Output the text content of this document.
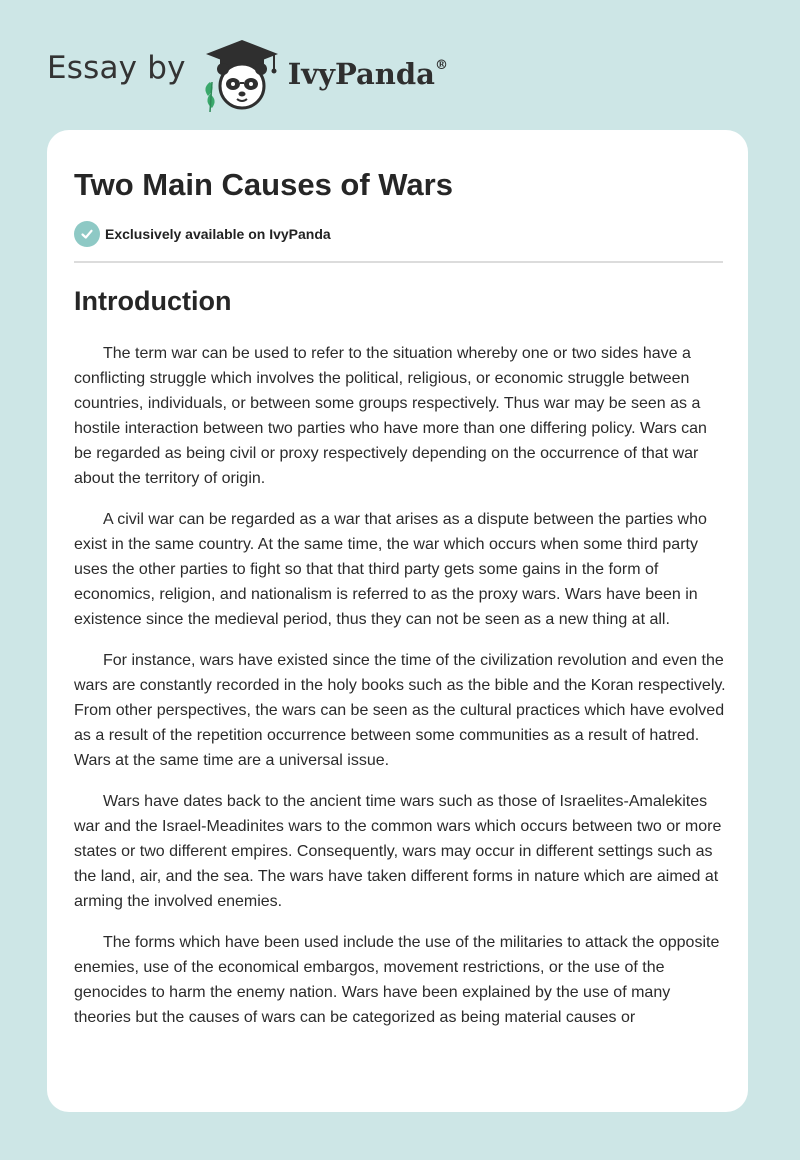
Essay by	IvyPanda®
Two Main Causes of Wars
Exclusively available on IvyPanda
Introduction

The term war can be used to refer to the situation whereby one or two sides have a conflicting struggle which involves the political, religious, or economic struggle between countries, individuals, or between some groups respectively. Thus war may be seen as a hostile interaction between two parties who have more than one differing policy. Wars can be regarded as being civil or proxy respectively depending on the occurrence of that war about the territory of origin.

A civil war can be regarded as a war that arises as a dispute between the parties who exist in the same country. At the same time, the war which occurs when some third party uses the other parties to fight so that that third party gets some gains in the form of economics, religion, and nationalism is referred to as the proxy wars. Wars have been in existence since the medieval period, thus they can not be seen as a new thing at all.

For instance, wars have existed since the time of the civilization revolution and even the wars are constantly recorded in the holy books such as the bible and the Koran respectively. From other perspectives, the wars can be seen as the cultural practices which have evolved as a result of the repetition occurrence between some communities as a result of hatred. Wars at the same time are a universal issue.

Wars have dates back to the ancient time wars such as those of Israelites-Amalekites war and the Israel-Meadinites wars to the common wars which occurs between two or more states or two different empires. Consequently, wars may occur in different settings such as the land, air, and the sea. The wars have taken different forms in nature which are aimed at arming the involved enemies.

The forms which have been used include the use of the militaries to attack the opposite enemies, use of the economical embargos, movement restrictions, or the use of the genocides to harm the enemy nation. Wars have been explained by the use of many theories but the causes of wars can be categorized as being material causes or
